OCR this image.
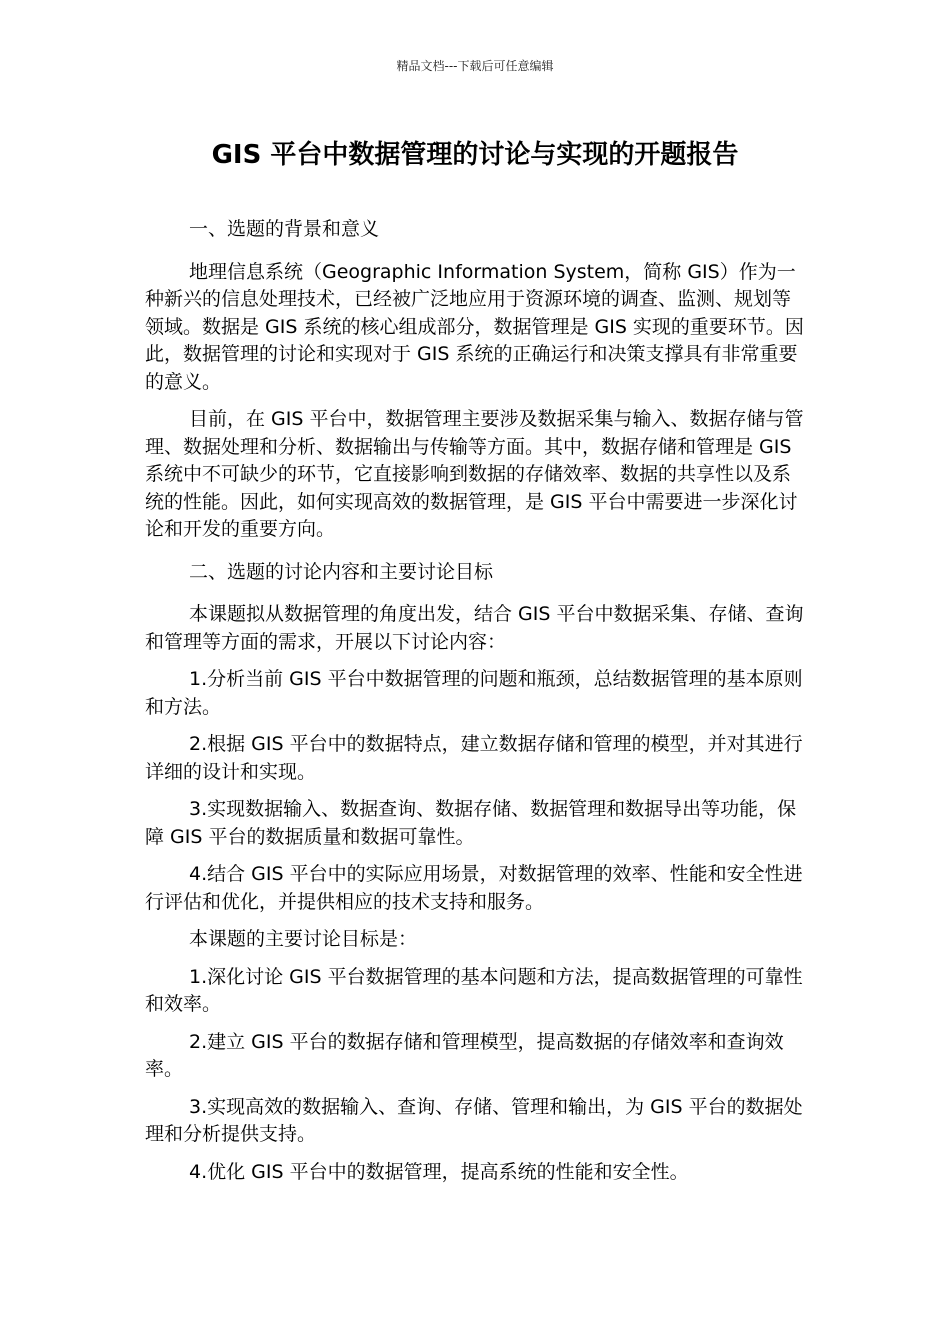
精品文档---下载后可任意编辑
GIS 平台中数据管理的讨论与实现的开题报告

一、选题的背景和意义

地理信息系统（Geographic Information System，简称 GIS）作为一种新兴的信息处理技术，已经被广泛地应用于资源环境的调查、监测、规划等领域。数据是 GIS 系统的核心组成部分，数据管理是 GIS 实现的重要环节。因此，数据管理的讨论和实现对于 GIS 系统的正确运行和决策支撑具有非常重要的意义。

目前，在 GIS 平台中，数据管理主要涉及数据采集与输入、数据存储与管理、数据处理和分析、数据输出与传输等方面。其中，数据存储和管理是 GIS 系统中不可缺少的环节，它直接影响到数据的存储效率、数据的共享性以及系统的性能。因此，如何实现高效的数据管理，是 GIS 平台中需要进一步深化讨论和开发的重要方向。

二、选题的讨论内容和主要讨论目标

本课题拟从数据管理的角度出发，结合 GIS 平台中数据采集、存储、查询和管理等方面的需求，开展以下讨论内容：

1.分析当前 GIS 平台中数据管理的问题和瓶颈，总结数据管理的基本原则和方法。

2.根据 GIS 平台中的数据特点，建立数据存储和管理的模型，并对其进行详细的设计和实现。

3.实现数据输入、数据查询、数据存储、数据管理和数据导出等功能，保障 GIS 平台的数据质量和数据可靠性。

4.结合 GIS 平台中的实际应用场景，对数据管理的效率、性能和安全性进行评估和优化，并提供相应的技术支持和服务。

本课题的主要讨论目标是：

1.深化讨论 GIS 平台数据管理的基本问题和方法，提高数据管理的可靠性和效率。

2.建立 GIS 平台的数据存储和管理模型，提高数据的存储效率和查询效率。

3.实现高效的数据输入、查询、存储、管理和输出，为 GIS 平台的数据处理和分析提供支持。

4.优化 GIS 平台中的数据管理，提高系统的性能和安全性。
